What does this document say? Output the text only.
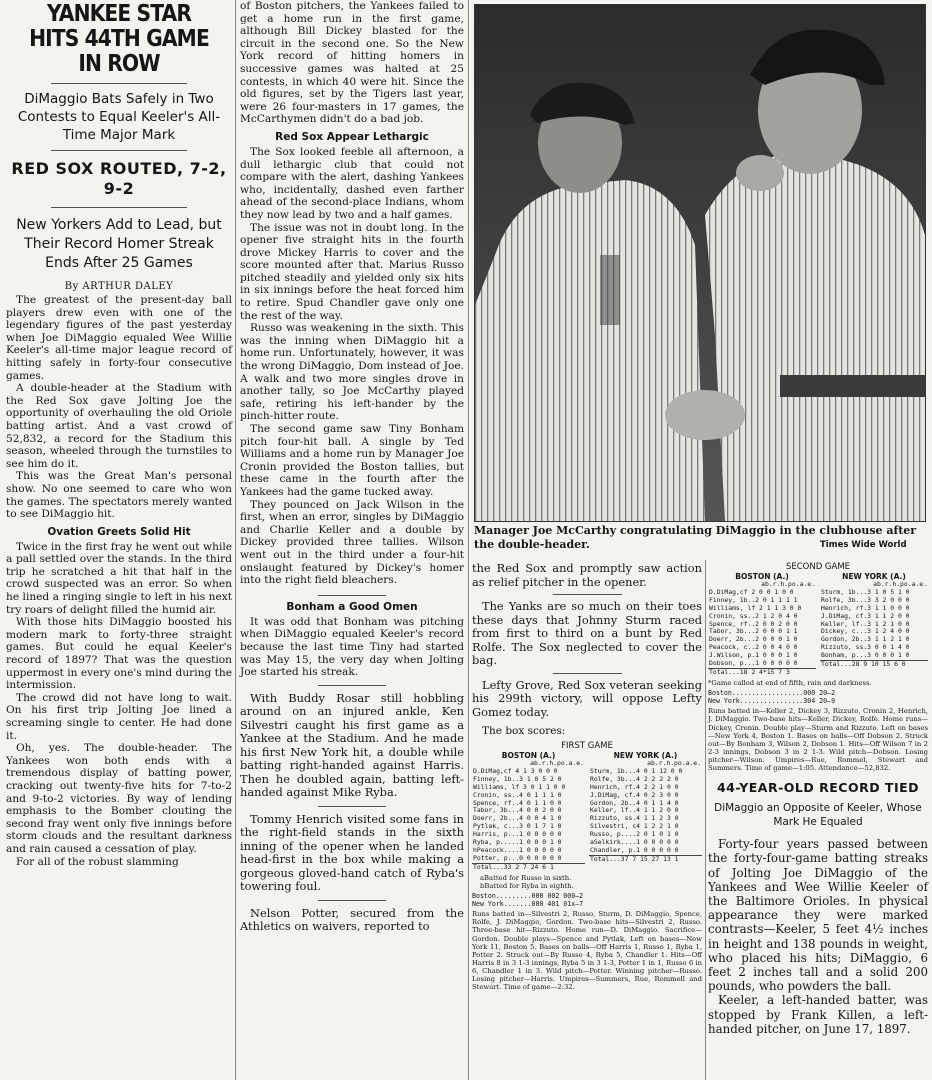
YANKEE STAR HITS 44TH GAME IN ROW
DiMaggio Bats Safely in Two Contests to Equal Keeler's All-Time Major Mark
RED SOX ROUTED, 7-2, 9-2
New Yorkers Add to Lead, but Their Record Homer Streak Ends After 25 Games
By ARTHUR DALEY

The greatest of the present-day ball players drew even with one of the legendary figures of the past yesterday when Joe DiMaggio equaled Wee Willie Keeler's all-time major league record of hitting safely in forty-four consecutive games.

A double-header at the Stadium with the Red Sox gave Jolting Joe the opportunity of overhauling the old Oriole batting artist. And a vast crowd of 52,832, a record for the Stadium this season, wheeled through the turnstiles to see him do it.

This was the Great Man's personal show. No one seemed to care who won the games. The spectators merely wanted to see DiMaggio hit.

Ovation Greets Solid Hit

Twice in the first fray he went out while a pall settled over the stands. In the third trip he scratched a hit that half in the crowd suspected was an error. So when he lined a ringing single to left in his next try roars of delight filled the humid air.

With those hits DiMaggio boosted his modern mark to forty-three straight games. But could he equal Keeler's record of 1897? That was the question uppermost in every one's mind during the intermission.

The crowd did not have long to wait. On his first trip Jolting Joe lined a screaming single to center. He had done it.

Oh, yes. The double-header. The Yankees won both ends with a tremendous display of batting power, cracking out twenty-five hits for 7-to-2 and 9-to-2 victories. By way of lending emphasis to the Bomber clouting the second fray went only five innings before storm clouds and the resultant darkness and rain caused a cessation of play.

For all of the robust slamming

of Boston pitchers, the Yankees failed to get a home run in the first game, although Bill Dickey blasted for the circuit in the second one. So the New York record of hitting homers in successive games was halted at 25 contests, in which 40 were hit. Since the old figures, set by the Tigers last year, were 26 four-masters in 17 games, the McCarthymen didn't do a bad job.

Red Sox Appear Lethargic

The Sox looked feeble all afternoon, a dull lethargic club that could not compare with the alert, dashing Yankees who, incidentally, dashed even farther ahead of the second-place Indians, whom they now lead by two and a half games.

The issue was not in doubt long. In the opener five straight hits in the fourth drove Mickey Harris to cover and the score mounted after that. Marius Russo pitched steadily and yielded only six hits in six innings before the heat forced him to retire. Spud Chandler gave only one the rest of the way.

Russo was weakening in the sixth. This was the inning when DiMaggio hit a home run. Unfortunately, however, it was the wrong DiMaggio, Dom instead of Joe. A walk and two more singles drove in another tally, so Joe McCarthy played safe, retiring his left-hander by the pinch-hitter route.

The second game saw Tiny Bonham pitch four-hit ball. A single by Ted Williams and a home run by Manager Joe Cronin provided the Boston tallies, but these came in the fourth after the Yankees had the game tucked away.

They pounced on Jack Wilson in the first, when an error, singles by DiMaggio and Charlie Keller and a double by Dickey provided three tallies. Wilson went out in the third under a four-hit onslaught featured by Dickey's homer into the right field bleachers.

Bonham a Good Omen

It was odd that Bonham was pitching when DiMaggio equaled Keeler's record because the last time Tiny had started was May 15, the very day when Jolting Joe started his streak.

With Buddy Rosar still hobbling around on an injured ankle, Ken Silvestri caught his first game as a Yankee at the Stadium. And he made his first New York hit, a double while batting right-handed against Harris. Then he doubled again, batting left-handed against Mike Ryba.

Tommy Henrich visited some fans in the right-field stands in the sixth inning of the opener when he landed head-first in the box while making a gorgeous gloved-hand catch of Ryba's towering foul.

Nelson Potter, secured from the Athletics on waivers, reported to

Manager Joe McCarthy congratulating DiMaggio in the clubhouse after the double-header.	Times Wide World

the Red Sox and promptly saw action as relief pitcher in the opener.

The Yanks are so much on their toes these days that Johnny Sturm raced from first to third on a bunt by Red Rolfe. The Sox neglected to cover the bag.

Lefty Grove, Red Sox veteran seeking his 299th victory, will oppose Lefty Gomez today.

The box scores:
FIRST GAME
BOSTON (A.)
ab.r.h.po.a.e.
D.DiMag,cf 4 1 3 0 0 0
Finney, 1b..3 1 0 5 2 0
Williams, lf 3 0 1 1 0 0
Cronin, ss..4 0 1 1 1 0
Spence, rf..4 0 1 1 0 0
Tabor, 3b...4 0 0 2 0 0
Doerr, 2b...4 0 0 4 1 0
Pytlak, c...3 0 1 7 1 0
Harris, p...1 0 0 0 0 0
Ryba, p.....1 0 0 0 1 0
hPeacock....1 0 0 0 0 0
Potter, p...0 0 0 0 0 0
Total...33 2 7 24 6 1
NEW YORK (A.)
ab.r.h.po.a.e.
Sturm, 1b...4 0 1 12 0 0
Rolfe, 3b...4 2 2 2 2 0
Henrich, rf.4 2 2 1 0 0
J.DiMag, cf.4 0 2 3 0 0
Gordon, 2b..4 0 1 1 4 0
Keller, lf..4 1 1 2 0 0
Rizzuto, ss.4 1 1 2 3 0
Silvestri, c4 1 2 2 1 0
Russo, p....2 0 1 0 1 0
aSelkirk....1 0 0 0 0 0
Chandler, p.1 0 0 0 0 0
Total...37 7 15 27 13 1
aBatted for Russo in sixth.
bBatted for Ryba in eighth.
Boston.........000 002 000—2
New York.......000 401 01x—7
Runs batted in—Silvestri 2, Russo, Sturm, D. DiMaggio, Spence, Rolfe, J. DiMaggio, Gordon. Two-base hits—Silvestri 2, Russo. Three-base hit—Rizzuto. Home run—D. DiMaggio. Sacrifice—Gordon. Double plays—Spence and Pytlak, Left on bases—New York 11, Boston 5. Bases on balls—Off Harris 1, Russo 1, Ryba 1, Potter 2. Struck out—By Russo 4, Ryba 5, Chandler 1. Hits—Off Harris 8 in 3 1-3 innings, Ryba 5 in 3 1-3, Potter 1 in 1, Russo 6 in 6, Chandler 1 in 3. Wild pitch—Potter. Winning pitcher—Russo. Losing pitcher—Harris. Umpires—Summers, Rue, Rommell and Stewart. Time of game—2:32.
SECOND GAME
BOSTON (A.)
ab.r.h.po.a.e.
D.DiMag,cf 2 0 0 1 0 0
Finney, 1b..2 0 1 1 1 1
Williams, lf 2 1 1 3 0 0
Cronin, ss..2 1 2 0 4 0
Spence, rf..2 0 0 2 0 0
Tabor, 3b...2 0 0 0 1 1
Doerr, 2b...2 0 0 0 1 0
Peacock, c..2 0 0 4 0 0
J.Wilson, p.1 0 0 0 1 0
Dobson, p...1 0 0 0 0 0
Total...18 2 4*15 7 3
NEW YORK (A.)
ab.r.h.po.a.e.
Sturm, 1b...3 1 0 5 1 0
Rolfe, 3b...3 3 2 0 0 0
Henrich, rf.3 1 1 0 0 0
J.DiMag, cf.3 1 1 2 0 0
Keller, lf..3 1 2 1 0 0
Dickey, c...3 1 2 4 0 0
Gordon, 2b..3 1 1 2 1 0
Rizzuto, ss.3 0 0 1 4 0
Bonham, p...3 0 0 0 1 0
Total...28 9 10 15 6 0
*Game called at end of fifth, rain and darkness.
Boston..................000 20—2
New York................304 20—9
Runs batted in—Keller 2, Dickey 3, Rizzuto, Cronin 2, Henrich, J. DiMaggio. Two-base hits—Keller, Dickey, Rolfe. Home runs—Dickey, Cronin. Double play—Sturm and Rizzuto. Left on bases—New York 4, Boston 1. Bases on balls—Off Dobson 2. Struck out—By Bonham 3, Wilson 2, Dobson 1. Hits—Off Wilson 7 in 2 2-3 innings, Dobson 3 in 2 1-3. Wild pitch—Dobson. Losing pitcher—Wilson. Umpires—Rue, Rommel, Stewart and Summers. Time of game—1:05. Attendance—52,832.
44-YEAR-OLD RECORD TIED
DiMaggio an Opposite of Keeler, Whose Mark He Equaled

Forty-four years passed between the forty-four-game batting streaks of Jolting Joe DiMaggio of the Yankees and Wee Willie Keeler of the Baltimore Orioles. In physical appearance they were marked contrasts—Keeler, 5 feet 4½ inches in height and 138 pounds in weight, who placed his hits; DiMaggio, 6 feet 2 inches tall and a solid 200 pounds, who powders the ball.

Keeler, a left-handed batter, was stopped by Frank Killen, a left-handed pitcher, on June 17, 1897.
